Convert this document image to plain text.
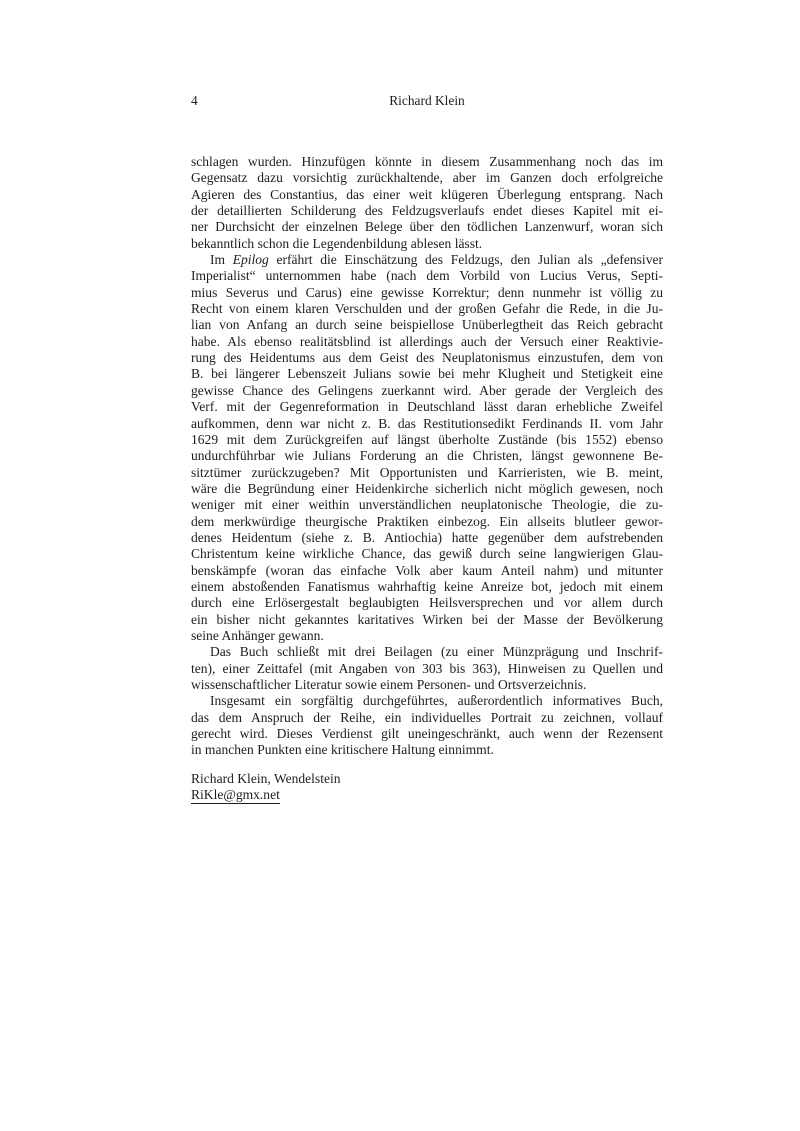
4	Richard Klein
schlagen wurden. Hinzufügen könnte in diesem Zusammenhang noch das im
Gegensatz dazu vorsichtig zurückhaltende, aber im Ganzen doch erfolgreiche
Agieren des Constantius, das einer weit klügeren Überlegung entsprang. Nach
der detaillierten Schilderung des Feldzugsverlaufs endet dieses Kapitel mit ei-
ner Durchsicht der einzelnen Belege über den tödlichen Lanzenwurf, woran sich
bekanntlich schon die Legendenbildung ablesen lässt.
Im Epilog erfährt die Einschätzung des Feldzugs, den Julian als „defensiver
Imperialist“ unternommen habe (nach dem Vorbild von Lucius Verus, Septi-
mius Severus und Carus) eine gewisse Korrektur; denn nunmehr ist völlig zu
Recht von einem klaren Verschulden und der großen Gefahr die Rede, in die Ju-
lian von Anfang an durch seine beispiellose Unüberlegtheit das Reich gebracht
habe. Als ebenso realitätsblind ist allerdings auch der Versuch einer Reaktivie-
rung des Heidentums aus dem Geist des Neuplatonismus einzustufen, dem von
B. bei längerer Lebenszeit Julians sowie bei mehr Klugheit und Stetigkeit eine
gewisse Chance des Gelingens zuerkannt wird. Aber gerade der Vergleich des
Verf. mit der Gegenreformation in Deutschland lässt daran erhebliche Zweifel
aufkommen, denn war nicht z. B. das Restitutionsedikt Ferdinands II. vom Jahr
1629 mit dem Zurückgreifen auf längst überholte Zustände (bis 1552) ebenso
undurchführbar wie Julians Forderung an die Christen, längst gewonnene Be-
sitztümer zurückzugeben? Mit Opportunisten und Karrieristen, wie B. meint,
wäre die Begründung einer Heidenkirche sicherlich nicht möglich gewesen, noch
weniger mit einer weithin unverständlichen neuplatonische Theologie, die zu-
dem merkwürdige theurgische Praktiken einbezog. Ein allseits blutleer gewor-
denes Heidentum (siehe z. B. Antiochia) hatte gegenüber dem aufstrebenden
Christentum keine wirkliche Chance, das gewiß durch seine langwierigen Glau-
benskämpfe (woran das einfache Volk aber kaum Anteil nahm) und mitunter
einem abstoßenden Fanatismus wahrhaftig keine Anreize bot, jedoch mit einem
durch eine Erlösergestalt beglaubigten Heilsversprechen und vor allem durch
ein bisher nicht gekanntes karitatives Wirken bei der Masse der Bevölkerung
seine Anhänger gewann.
Das Buch schließt mit drei Beilagen (zu einer Münzprägung und Inschrif-
ten), einer Zeittafel (mit Angaben von 303 bis 363), Hinweisen zu Quellen und
wissenschaftlicher Literatur sowie einem Personen- und Ortsverzeichnis.
Insgesamt ein sorgfältig durchgeführtes, außerordentlich informatives Buch,
das dem Anspruch der Reihe, ein individuelles Portrait zu zeichnen, vollauf
gerecht wird. Dieses Verdienst gilt uneingeschränkt, auch wenn der Rezensent
in manchen Punkten eine kritischere Haltung einnimmt.
Richard Klein, Wendelstein
RiKle@gmx.net
